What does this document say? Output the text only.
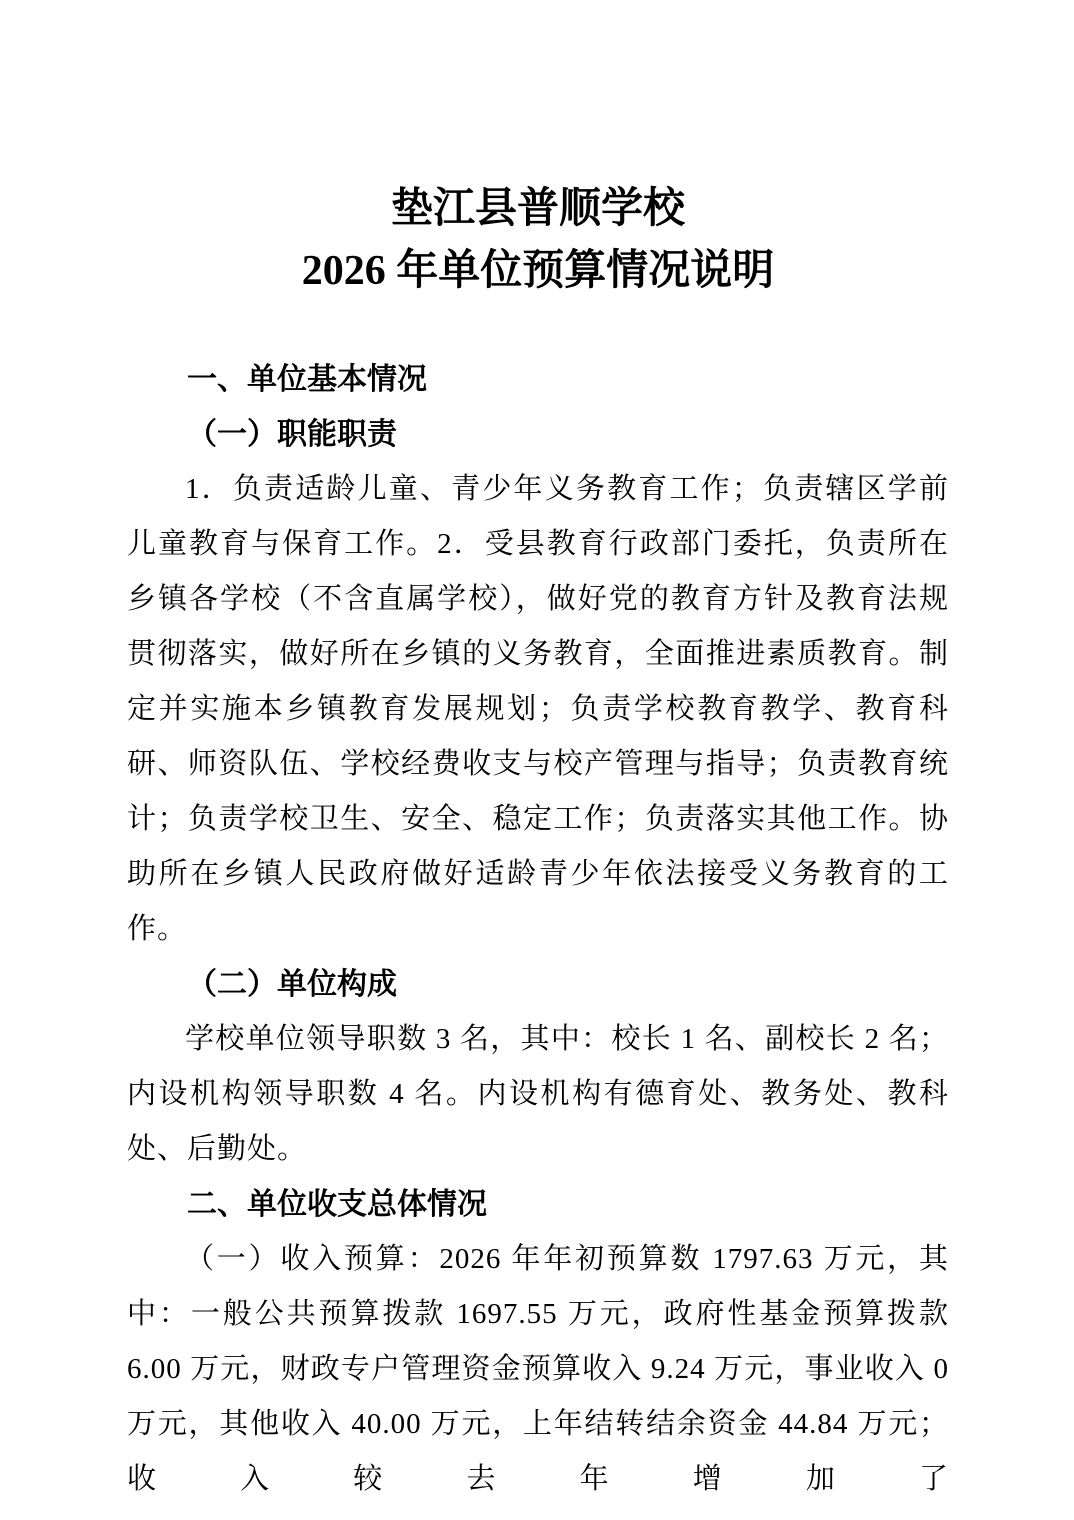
垫江县普顺学校
2026 年单位预算情况说明
一、单位基本情况
（一）职能职责

1．负责适龄儿童、青少年义务教育工作；负责辖区学前儿童教育与保育工作。2．受县教育行政部门委托，负责所在乡镇各学校（不含直属学校），做好党的教育方针及教育法规贯彻落实，做好所在乡镇的义务教育，全面推进素质教育。制定并实施本乡镇教育发展规划；负责学校教育教学、教育科研、师资队伍、学校经费收支与校产管理与指导；负责教育统计；负责学校卫生、安全、稳定工作；负责落实其他工作。协助所在乡镇人民政府做好适龄青少年依法接受义务教育的工作。

（二）单位构成

学校单位领导职数 3 名，其中：校长 1 名、副校长 2 名；内设机构领导职数 4 名。内设机构有德育处、教务处、教科处、后勤处。

二、单位收支总体情况

（一）收入预算：2026 年年初预算数 1797.63 万元，其中：一般公共预算拨款 1697.55 万元，政府性基金预算拨款 6.00 万元，财政专户管理资金预算收入 9.24 万元，事业收入 0 万元，其他收入 40.00 万元，上年结转结余资金 44.84 万元；收入较去年增加了
